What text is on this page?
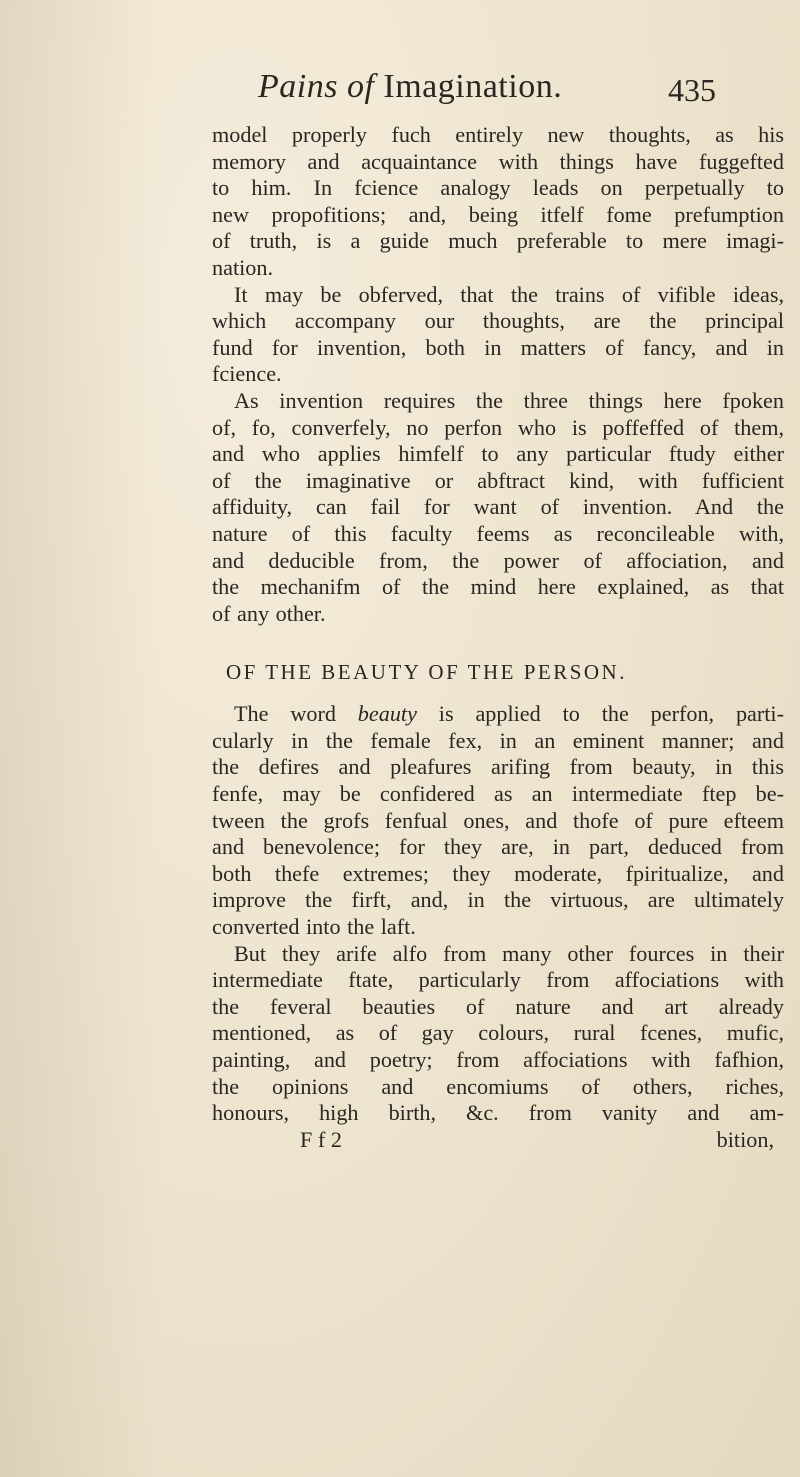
Pains of Imagination.	435
model properly fuch entirely new thoughts, as his
memory and acquaintance with things have fuggefted
to him. In fcience analogy leads on perpetually to
new propofitions; and, being itfelf fome prefumption
of truth, is a guide much preferable to mere imagi-
nation.
It may be obferved, that the trains of vifible ideas,
which accompany our thoughts, are the principal
fund for invention, both in matters of fancy, and in
fcience.
As invention requires the three things here fpoken
of, fo, converfely, no perfon who is poffeffed of them,
and who applies himfelf to any particular ftudy either
of the imaginative or abftract kind, with fufficient
affiduity, can fail for want of invention. And the
nature of this faculty feems as reconcileable with,
and deducible from, the power of affociation, and
the mechanifm of the mind here explained, as that
of any other.
OF THE BEAUTY OF THE PERSON.
The word beauty is applied to the perfon, parti-
cularly in the female fex, in an eminent manner; and
the defires and pleafures arifing from beauty, in this
fenfe, may be confidered as an intermediate ftep be-
tween the grofs fenfual ones, and thofe of pure efteem
and benevolence; for they are, in part, deduced from
both thefe extremes; they moderate, fpiritualize, and
improve the firft, and, in the virtuous, are ultimately
converted into the laft.
But they arife alfo from many other fources in their
intermediate ftate, particularly from affociations with
the feveral beauties of nature and art already
mentioned, as of gay colours, rural fcenes, mufic,
painting, and poetry; from affociations with fafhion,
the opinions and encomiums of others, riches,
honours, high birth, &c. from vanity and am-
F f 2	bition,
